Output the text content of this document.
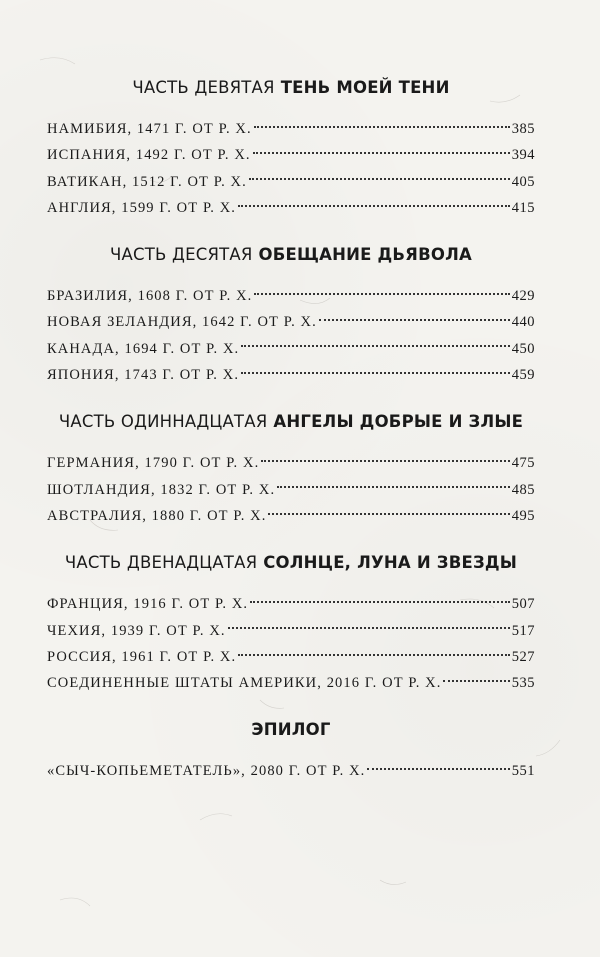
ЧАСТЬ ДЕВЯТАЯ ТЕНЬ МОЕЙ ТЕНИ
НАМИБИЯ, 1471 Г. ОТ Р. Х.	385
ИСПАНИЯ, 1492 Г. ОТ Р. Х.	394
ВАТИКАН, 1512 Г. ОТ Р. Х.	405
АНГЛИЯ, 1599 Г. ОТ Р. Х.	415
ЧАСТЬ ДЕСЯТАЯ ОБЕЩАНИЕ ДЬЯВОЛА
БРАЗИЛИЯ, 1608 Г. ОТ Р. Х.	429
НОВАЯ ЗЕЛАНДИЯ, 1642 Г. ОТ Р. Х.	440
КАНАДА, 1694 Г. ОТ Р. Х.	450
ЯПОНИЯ, 1743 Г. ОТ Р. Х.	459
ЧАСТЬ ОДИННАДЦАТАЯ АНГЕЛЫ ДОБРЫЕ И ЗЛЫЕ
ГЕРМАНИЯ, 1790 Г. ОТ Р. Х.	475
ШОТЛАНДИЯ, 1832 Г. ОТ Р. Х.	485
АВСТРАЛИЯ, 1880 Г. ОТ Р. Х.	495
ЧАСТЬ ДВЕНАДЦАТАЯ СОЛНЦЕ, ЛУНА И ЗВЕЗДЫ
ФРАНЦИЯ, 1916 Г. ОТ Р. Х.	507
ЧЕХИЯ, 1939 Г. ОТ Р. Х.	517
РОССИЯ, 1961 Г. ОТ Р. Х.	527
СОЕДИНЕННЫЕ ШТАТЫ АМЕРИКИ, 2016 Г. ОТ Р. Х.	535
ЭПИЛОГ
«СЫЧ-КОПЬЕМЕТАТЕЛЬ», 2080 Г. ОТ Р. Х.	551
